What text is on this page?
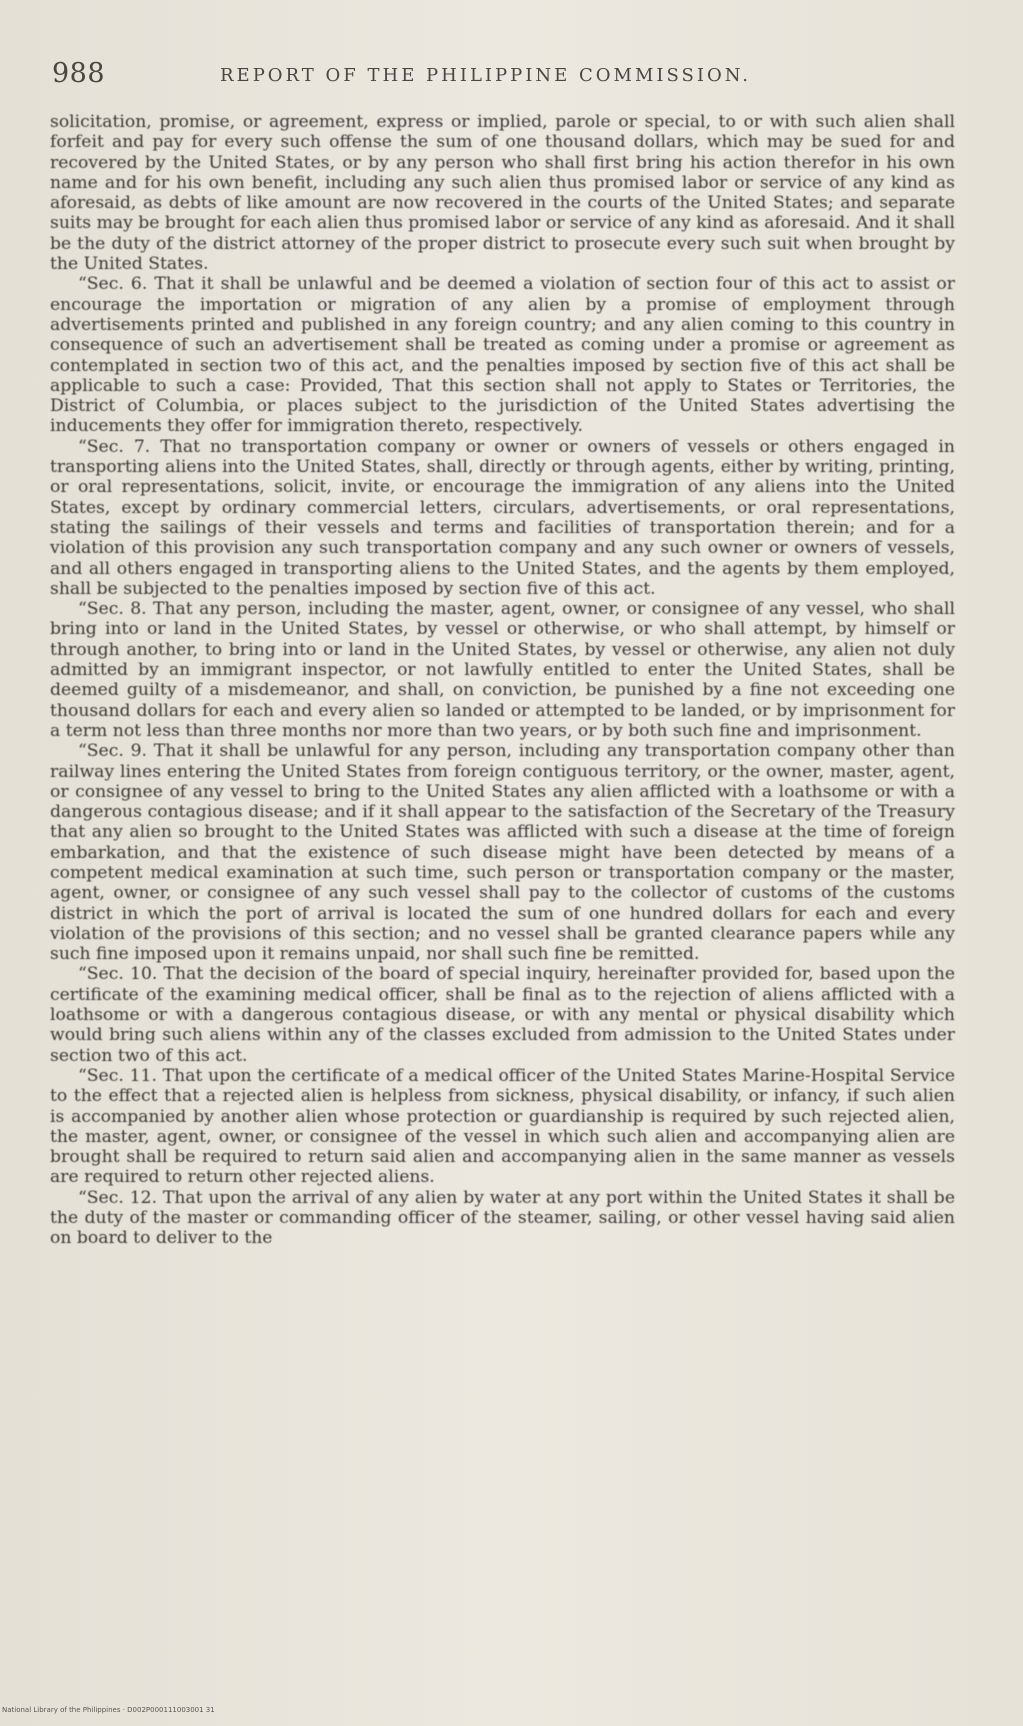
988	REPORT OF THE PHILIPPINE COMMISSION.

solicitation, promise, or agreement, express or implied, parole or special, to or with such alien shall forfeit and pay for every such offense the sum of one thousand dollars, which may be sued for and recovered by the United States, or by any person who shall first bring his action therefor in his own name and for his own benefit, including any such alien thus promised labor or service of any kind as aforesaid, as debts of like amount are now recovered in the courts of the United States; and separate suits may be brought for each alien thus promised labor or service of any kind as aforesaid. And it shall be the duty of the district attorney of the proper district to prosecute every such suit when brought by the United States.

“Sec. 6. That it shall be unlawful and be deemed a violation of section four of this act to assist or encourage the importation or migration of any alien by a promise of employment through advertisements printed and published in any foreign country; and any alien coming to this country in consequence of such an advertisement shall be treated as coming under a promise or agreement as contemplated in section two of this act, and the penalties imposed by section five of this act shall be applicable to such a case: Provided, That this section shall not apply to States or Territories, the District of Columbia, or places subject to the jurisdiction of the United States advertising the inducements they offer for immigration thereto, respectively.

“Sec. 7. That no transportation company or owner or owners of vessels or others engaged in transporting aliens into the United States, shall, directly or through agents, either by writing, printing, or oral representations, solicit, invite, or encourage the immigration of any aliens into the United States, except by ordinary commercial letters, circulars, advertisements, or oral representations, stating the sailings of their vessels and terms and facilities of transportation therein; and for a violation of this provision any such transportation company and any such owner or owners of vessels, and all others engaged in transporting aliens to the United States, and the agents by them employed, shall be subjected to the penalties imposed by section five of this act.

“Sec. 8. That any person, including the master, agent, owner, or consignee of any vessel, who shall bring into or land in the United States, by vessel or otherwise, or who shall attempt, by himself or through another, to bring into or land in the United States, by vessel or otherwise, any alien not duly admitted by an immigrant inspector, or not lawfully entitled to enter the United States, shall be deemed guilty of a misdemeanor, and shall, on conviction, be punished by a fine not exceeding one thousand dollars for each and every alien so landed or attempted to be landed, or by imprisonment for a term not less than three months nor more than two years, or by both such fine and imprisonment.

“Sec. 9. That it shall be unlawful for any person, including any transportation company other than railway lines entering the United States from foreign contiguous territory, or the owner, master, agent, or consignee of any vessel to bring to the United States any alien afflicted with a loathsome or with a dangerous contagious disease; and if it shall appear to the satisfaction of the Secretary of the Treasury that any alien so brought to the United States was afflicted with such a disease at the time of foreign embarkation, and that the existence of such disease might have been detected by means of a competent medical examination at such time, such person or transportation company or the master, agent, owner, or consignee of any such vessel shall pay to the collector of customs of the customs district in which the port of arrival is located the sum of one hundred dollars for each and every violation of the provisions of this section; and no vessel shall be granted clearance papers while any such fine imposed upon it remains unpaid, nor shall such fine be remitted.

“Sec. 10. That the decision of the board of special inquiry, hereinafter provided for, based upon the certificate of the examining medical officer, shall be final as to the rejection of aliens afflicted with a loathsome or with a dangerous contagious disease, or with any mental or physical disability which would bring such aliens within any of the classes excluded from admission to the United States under section two of this act.

“Sec. 11. That upon the certificate of a medical officer of the United States Marine-Hospital Service to the effect that a rejected alien is helpless from sickness, physical disability, or infancy, if such alien is accompanied by another alien whose protection or guardianship is required by such rejected alien, the master, agent, owner, or consignee of the vessel in which such alien and accompanying alien are brought shall be required to return said alien and accompanying alien in the same manner as vessels are required to return other rejected aliens.

“Sec. 12. That upon the arrival of any alien by water at any port within the United States it shall be the duty of the master or commanding officer of the steamer, sailing, or other vessel having said alien on board to deliver to the

National Library of the Philippines · D002P000111003001 31
